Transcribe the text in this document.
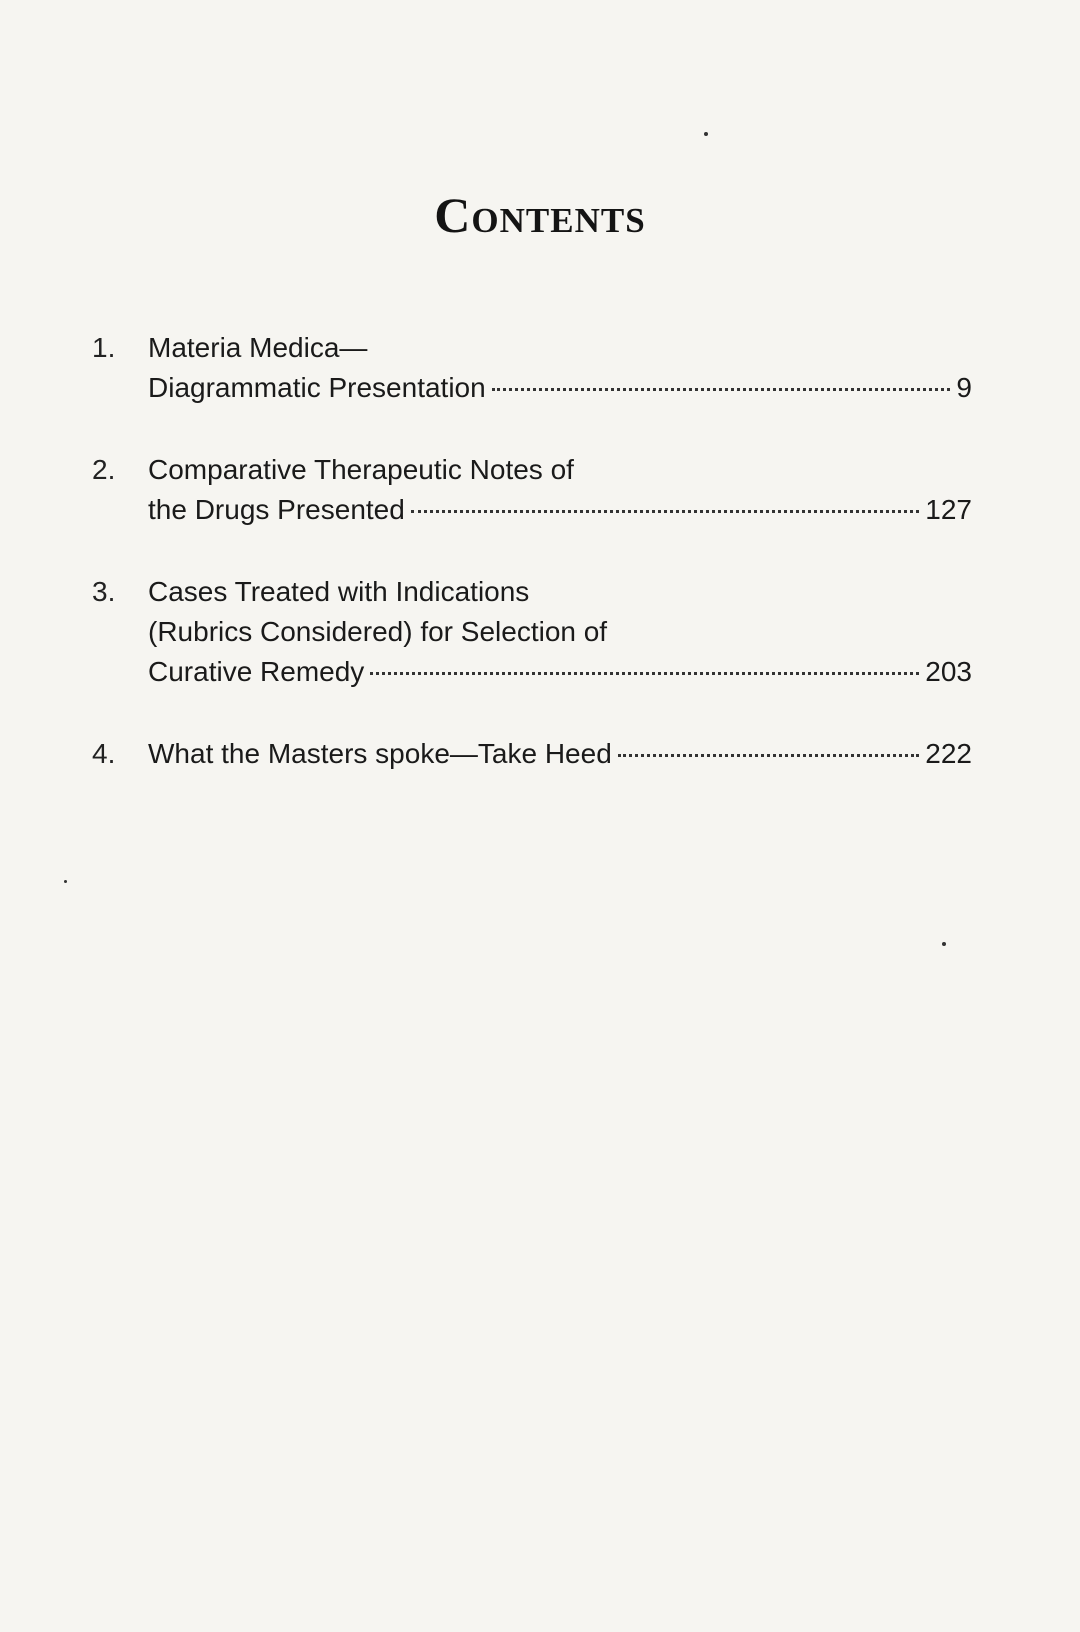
Contents
1.	Materia Medica—
Diagrammatic Presentation	9
2.	Comparative Therapeutic Notes of
the Drugs Presented	127
3.	Cases Treated with Indications
(Rubrics Considered) for Selection of
Curative Remedy	203
4.	What the Masters spoke—Take Heed	222
